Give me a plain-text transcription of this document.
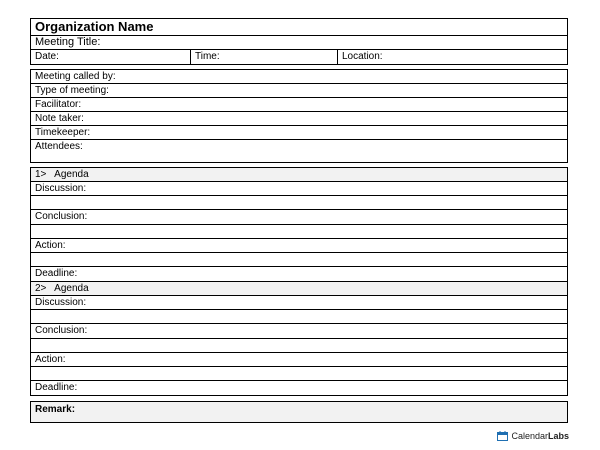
Organization Name
Meeting Title:
Date:	Time:	Location:
Meeting called by:
Type of meeting:
Facilitator:
Note taker:
Timekeeper:
Attendees:
1>   Agenda
Discussion:
Conclusion:
Action:
Deadline:
2>   Agenda
Discussion:
Conclusion:
Action:
Deadline:
Remark:
CalendarLabs
